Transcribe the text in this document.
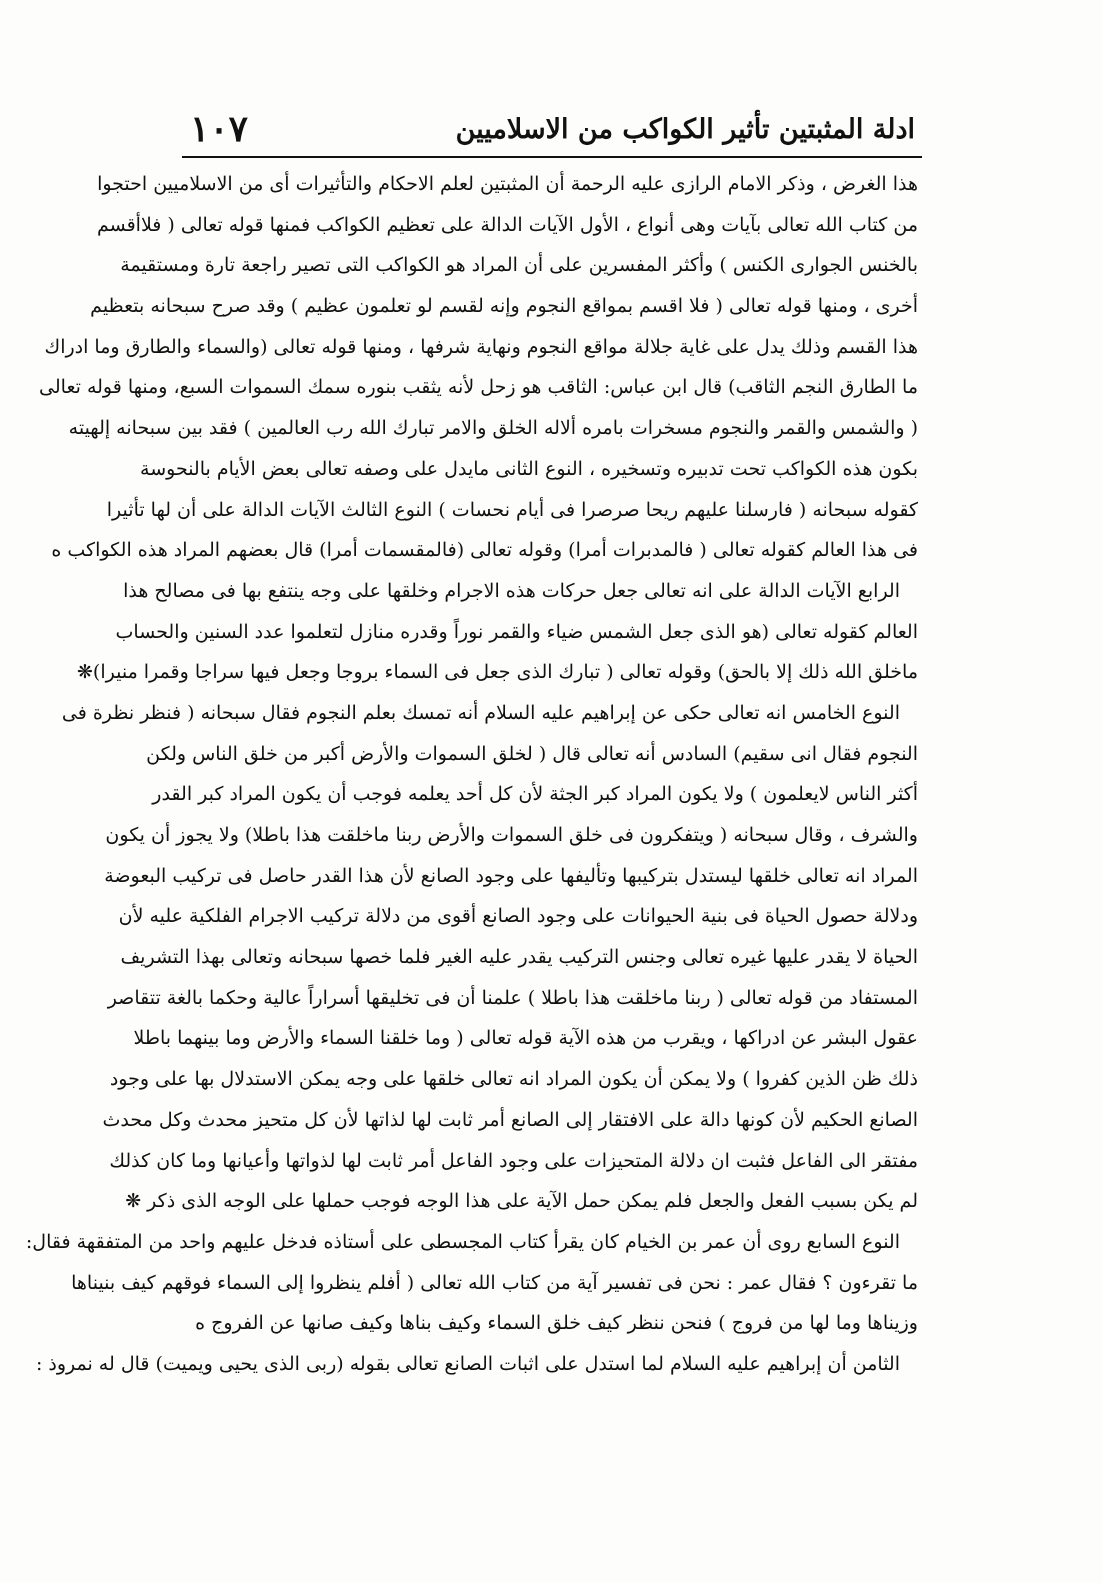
ادلة المثبتين تأثير الكواكب من الاسلاميين
١٠٧
هذا الغرض ، وذكر الامام الرازى عليه الرحمة أن المثبتين لعلم الاحكام والتأثيرات أى من الاسلاميين احتجوا
من كتاب الله تعالى بآيات وهى أنواع ، الأول الآيات الدالة على تعظيم الكواكب فمنها قوله تعالى ( فلاأقسم
بالخنس الجوارى الكنس ) وأكثر المفسرين على أن المراد هو الكواكب التى تصير راجعة تارة ومستقيمة
أخرى ، ومنها قوله تعالى ( فلا اقسم بمواقع النجوم وإنه لقسم لو تعلمون عظيم ) وقد صرح سبحانه بتعظيم
هذا القسم وذلك يدل على غاية جلالة مواقع النجوم ونهاية شرفها ، ومنها قوله تعالى (والسماء والطارق وما ادراك
ما الطارق النجم الثاقب) قال ابن عباس: الثاقب هو زحل لأنه يثقب بنوره سمك السموات السبع، ومنها قوله تعالى
( والشمس والقمر والنجوم مسخرات بامره ألاله الخلق والامر تبارك الله رب العالمين ) فقد بين سبحانه إلهيته
بكون هذه الكواكب تحت تدبيره وتسخيره ، النوع الثانى مايدل على وصفه تعالى بعض الأيام بالنحوسة
كقوله سبحانه ( فارسلنا عليهم ريحا صرصرا فى أيام نحسات ) النوع الثالث الآيات الدالة على أن لها تأثيرا
فى هذا العالم كقوله تعالى ( فالمدبرات أمرا) وقوله تعالى (فالمقسمات أمرا) قال بعضهم المراد هذه الكواكب ه
الرابع الآيات الدالة على انه تعالى جعل حركات هذه الاجرام وخلقها على وجه ينتفع بها فى مصالح هذا
العالم كقوله تعالى (هو الذى جعل الشمس ضياء والقمر نوراً وقدره منازل لتعلموا عدد السنين والحساب
ماخلق الله ذلك إلا بالحق) وقوله تعالى ( تبارك الذى جعل فى السماء بروجا وجعل فيها سراجا وقمرا منيرا)❋
النوع الخامس انه تعالى حكى عن إبراهيم عليه السلام أنه تمسك بعلم النجوم فقال سبحانه ( فنظر نظرة فى
النجوم فقال انى سقيم) السادس أنه تعالى قال ( لخلق السموات والأرض أكبر من خلق الناس ولكن
أكثر الناس لايعلمون ) ولا يكون المراد كبر الجثة لأن كل أحد يعلمه فوجب أن يكون المراد كبر القدر
والشرف ، وقال سبحانه ( ويتفكرون فى خلق السموات والأرض ربنا ماخلقت هذا باطلا) ولا يجوز أن يكون
المراد انه تعالى خلقها ليستدل بتركيبها وتأليفها على وجود الصانع لأن هذا القدر حاصل فى تركيب البعوضة
ودلالة حصول الحياة فى بنية الحيوانات على وجود الصانع أقوى من دلالة تركيب الاجرام الفلكية عليه لأن
الحياة لا يقدر عليها غيره تعالى وجنس التركيب يقدر عليه الغير فلما خصها سبحانه وتعالى بهذا التشريف
المستفاد من قوله تعالى ( ربنا ماخلقت هذا باطلا ) علمنا أن فى تخليقها أسراراً عالية وحكما بالغة تتقاصر
عقول البشر عن ادراكها ، ويقرب من هذه الآية قوله تعالى ( وما خلقنا السماء والأرض وما بينهما باطلا
ذلك ظن الذين كفروا ) ولا يمكن أن يكون المراد انه تعالى خلقها على وجه يمكن الاستدلال بها على وجود
الصانع الحكيم لأن كونها دالة على الافتقار إلى الصانع أمر ثابت لها لذاتها لأن كل متحيز محدث وكل محدث
مفتقر الى الفاعل فثبت ان دلالة المتحيزات على وجود الفاعل أمر ثابت لها لذواتها وأعيانها وما كان كذلك
لم يكن بسبب الفعل والجعل فلم يمكن حمل الآية على هذا الوجه فوجب حملها على الوجه الذى ذكر ❋
النوع السابع روى أن عمر بن الخيام كان يقرأ كتاب المجسطى على أستاذه فدخل عليهم واحد من المتفقهة فقال:
ما تقرءون ؟ فقال عمر : نحن فى تفسير آية من كتاب الله تعالى ( أفلم ينظروا إلى السماء فوقهم كيف بنيناها
وزيناها وما لها من فروج ) فنحن ننظر كيف خلق السماء وكيف بناها وكيف صانها عن الفروج ه
الثامن أن إبراهيم عليه السلام لما استدل على اثبات الصانع تعالى بقوله (ربى الذى يحيى ويميت) قال له نمروذ :
